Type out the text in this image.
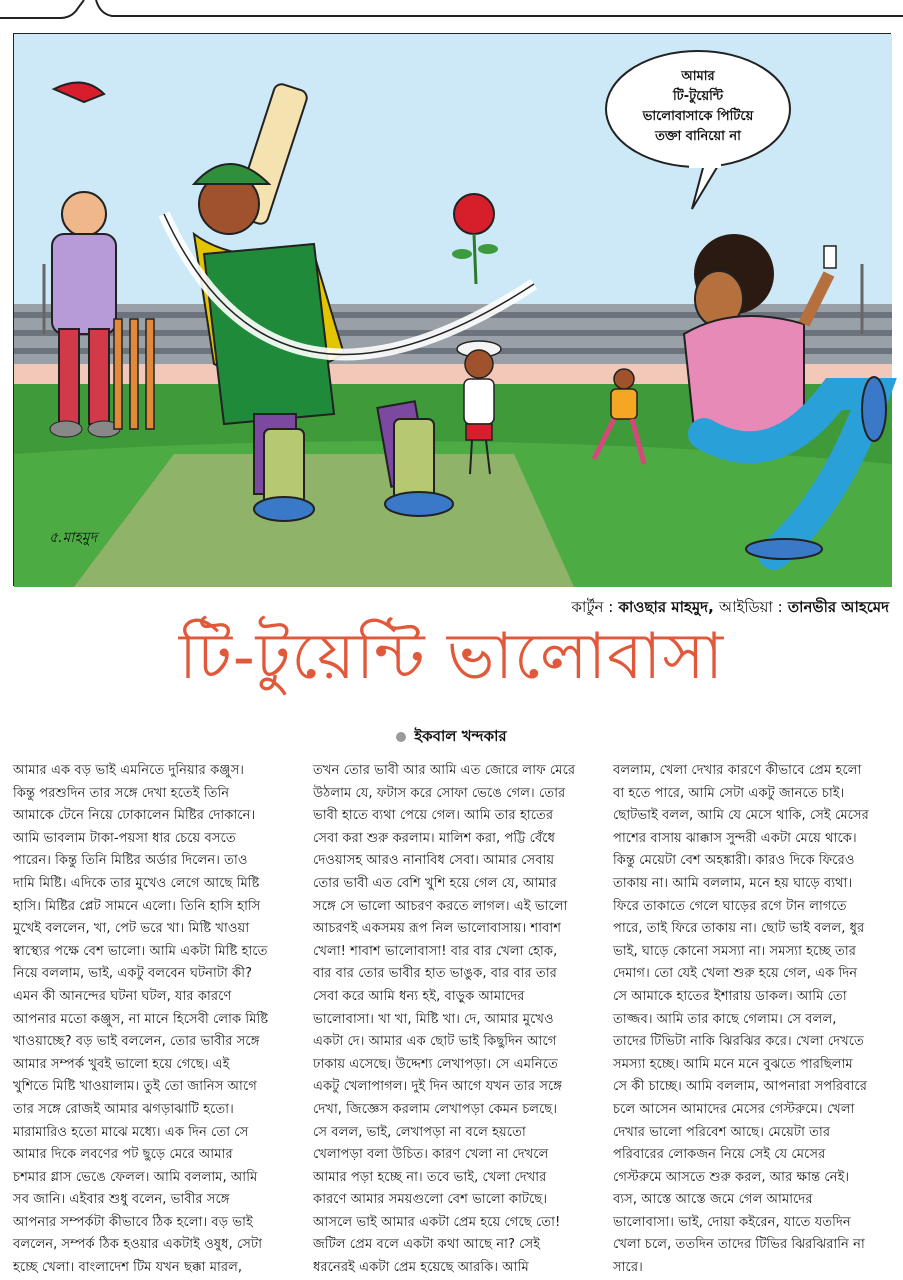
আমার
টি-টুয়েন্টি
ভালোবাসাকে পিটিয়ে
তক্তা বানিয়ো না
৫.মাহমুদ
কার্টুন : কাওছার মাহমুদ, আইডিয়া : তানভীর আহমেদ
টি-টুয়েন্টি ভালোবাসা
ইকবাল খন্দকার
আমার এক বড় ভাই এমনিতে দুনিয়ার কঞ্জুস।
কিন্তু পরশুদিন তার সঙ্গে দেখা হতেই তিনি
আমাকে টেনে নিয়ে ঢোকালেন মিষ্টির দোকানে।
আমি ভাবলাম টাকা-পয়সা ধার চেয়ে বসতে
পারেন। কিন্তু তিনি মিষ্টির অর্ডার দিলেন। তাও
দামি মিষ্টি। এদিকে তার মুখেও লেগে আছে মিষ্টি
হাসি। মিষ্টির প্লেট সামনে এলো। তিনি হাসি হাসি
মুখেই বললেন, খা, পেট ভরে খা। মিষ্টি খাওয়া
স্বাস্থ্যের পক্ষে বেশ ভালো। আমি একটা মিষ্টি হাতে
নিয়ে বললাম, ভাই, একটু বলবেন ঘটনাটা কী?
এমন কী আনন্দের ঘটনা ঘটল, যার কারণে
আপনার মতো কঞ্জুস, না মানে হিসেবী লোক মিষ্টি
খাওয়াচ্ছে? বড় ভাই বললেন, তোর ভাবীর সঙ্গে
আমার সম্পর্ক খুবই ভালো হয়ে গেছে। এই
খুশিতে মিষ্টি খাওয়ালাম। তুই তো জানিস আগে
তার সঙ্গে রোজই আমার ঝগড়াঝাটি হতো।
মারামারিও হতো মাঝে মধ্যে। এক দিন তো সে
আমার দিকে লবণের পট ছুড়ে মেরে আমার
চশমার গ্লাস ভেঙে ফেলল। আমি বললাম, আমি
সব জানি। এইবার শুধু বলেন, ভাবীর সঙ্গে
আপনার সম্পর্কটা কীভাবে ঠিক হলো। বড় ভাই
বললেন, সম্পর্ক ঠিক হওয়ার একটাই ওষুধ, সেটা
হচ্ছে খেলা। বাংলাদেশ টিম যখন ছক্কা মারল,
তখন তোর ভাবী আর আমি এত জোরে লাফ মেরে
উঠলাম যে, ফটাস করে সোফা ভেঙে গেল। তোর
ভাবী হাতে ব্যথা পেয়ে গেল। আমি তার হাতের
সেবা করা শুরু করলাম। মালিশ করা, পট্টি বেঁধে
দেওয়াসহ আরও নানাবিধ সেবা। আমার সেবায়
তোর ভাবী এত বেশি খুশি হয়ে গেল যে, আমার
সঙ্গে সে ভালো আচরণ করতে লাগল। এই ভালো
আচরণই একসময় রূপ নিল ভালোবাসায়। শাবাশ
খেলা! শাবাশ ভালোবাসা! বার বার খেলা হোক,
বার বার তোর ভাবীর হাত ভাঙুক, বার বার তার
সেবা করে আমি ধন্য হই, বাড়ুক আমাদের
ভালোবাসা। খা খা, মিষ্টি খা। দে, আমার মুখেও
একটা দে। আমার এক ছোট ভাই কিছুদিন আগে
ঢাকায় এসেছে। উদ্দেশ্য লেখাপড়া। সে এমনিতে
একটু খেলাপাগল। দুই দিন আগে যখন তার সঙ্গে
দেখা, জিজ্ঞেস করলাম লেখাপড়া কেমন চলছে।
সে বলল, ভাই, লেখাপড়া না বলে হয়তো
খেলাপড়া বলা উচিত। কারণ খেলা না দেখলে
আমার পড়া হচ্ছে না। তবে ভাই, খেলা দেখার
কারণে আমার সময়গুলো বেশ ভালো কাটছে।
আসলে ভাই আমার একটা প্রেম হয়ে গেছে তো!
জটিল প্রেম বলে একটা কথা আছে না? সেই
ধরনেরই একটা প্রেম হয়েছে আরকি। আমি
বললাম, খেলা দেখার কারণে কীভাবে প্রেম হলো
বা হতে পারে, আমি সেটা একটু জানতে চাই।
ছোটভাই বলল, আমি যে মেসে থাকি, সেই মেসের
পাশের বাসায় ঝাক্কাস সুন্দরী একটা মেয়ে থাকে।
কিন্তু মেয়েটা বেশ অহঙ্কারী। কারও দিকে ফিরেও
তাকায় না। আমি বললাম, মনে হয় ঘাড়ে ব্যথা।
ফিরে তাকাতে গেলে ঘাড়ের রগে টান লাগতে
পারে, তাই ফিরে তাকায় না। ছোট ভাই বলল, ধুর
ভাই, ঘাড়ে কোনো সমস্যা না। সমস্যা হচ্ছে তার
দেমাগ। তো যেই খেলা শুরু হয়ে গেল, এক দিন
সে আমাকে হাতের ইশারায় ডাকল। আমি তো
তাজ্জব। আমি তার কাছে গেলাম। সে বলল,
তাদের টিভিটা নাকি ঝিরঝির করে। খেলা দেখতে
সমস্যা হচ্ছে। আমি মনে মনে বুঝতে পারছিলাম
সে কী চাচ্ছে। আমি বললাম, আপনারা সপরিবারে
চলে আসেন আমাদের মেসের গেস্টরুমে। খেলা
দেখার ভালো পরিবেশ আছে। মেয়েটা তার
পরিবারের লোকজন নিয়ে সেই যে মেসের
গেস্টরুমে আসতে শুরু করল, আর ক্ষান্ত নেই।
ব্যস, আস্তে আস্তে জমে গেল আমাদের
ভালোবাসা। ভাই, দোয়া কইরেন, যাতে যতদিন
খেলা চলে, ততদিন তাদের টিভির ঝিরঝিরানি না
সারে।
